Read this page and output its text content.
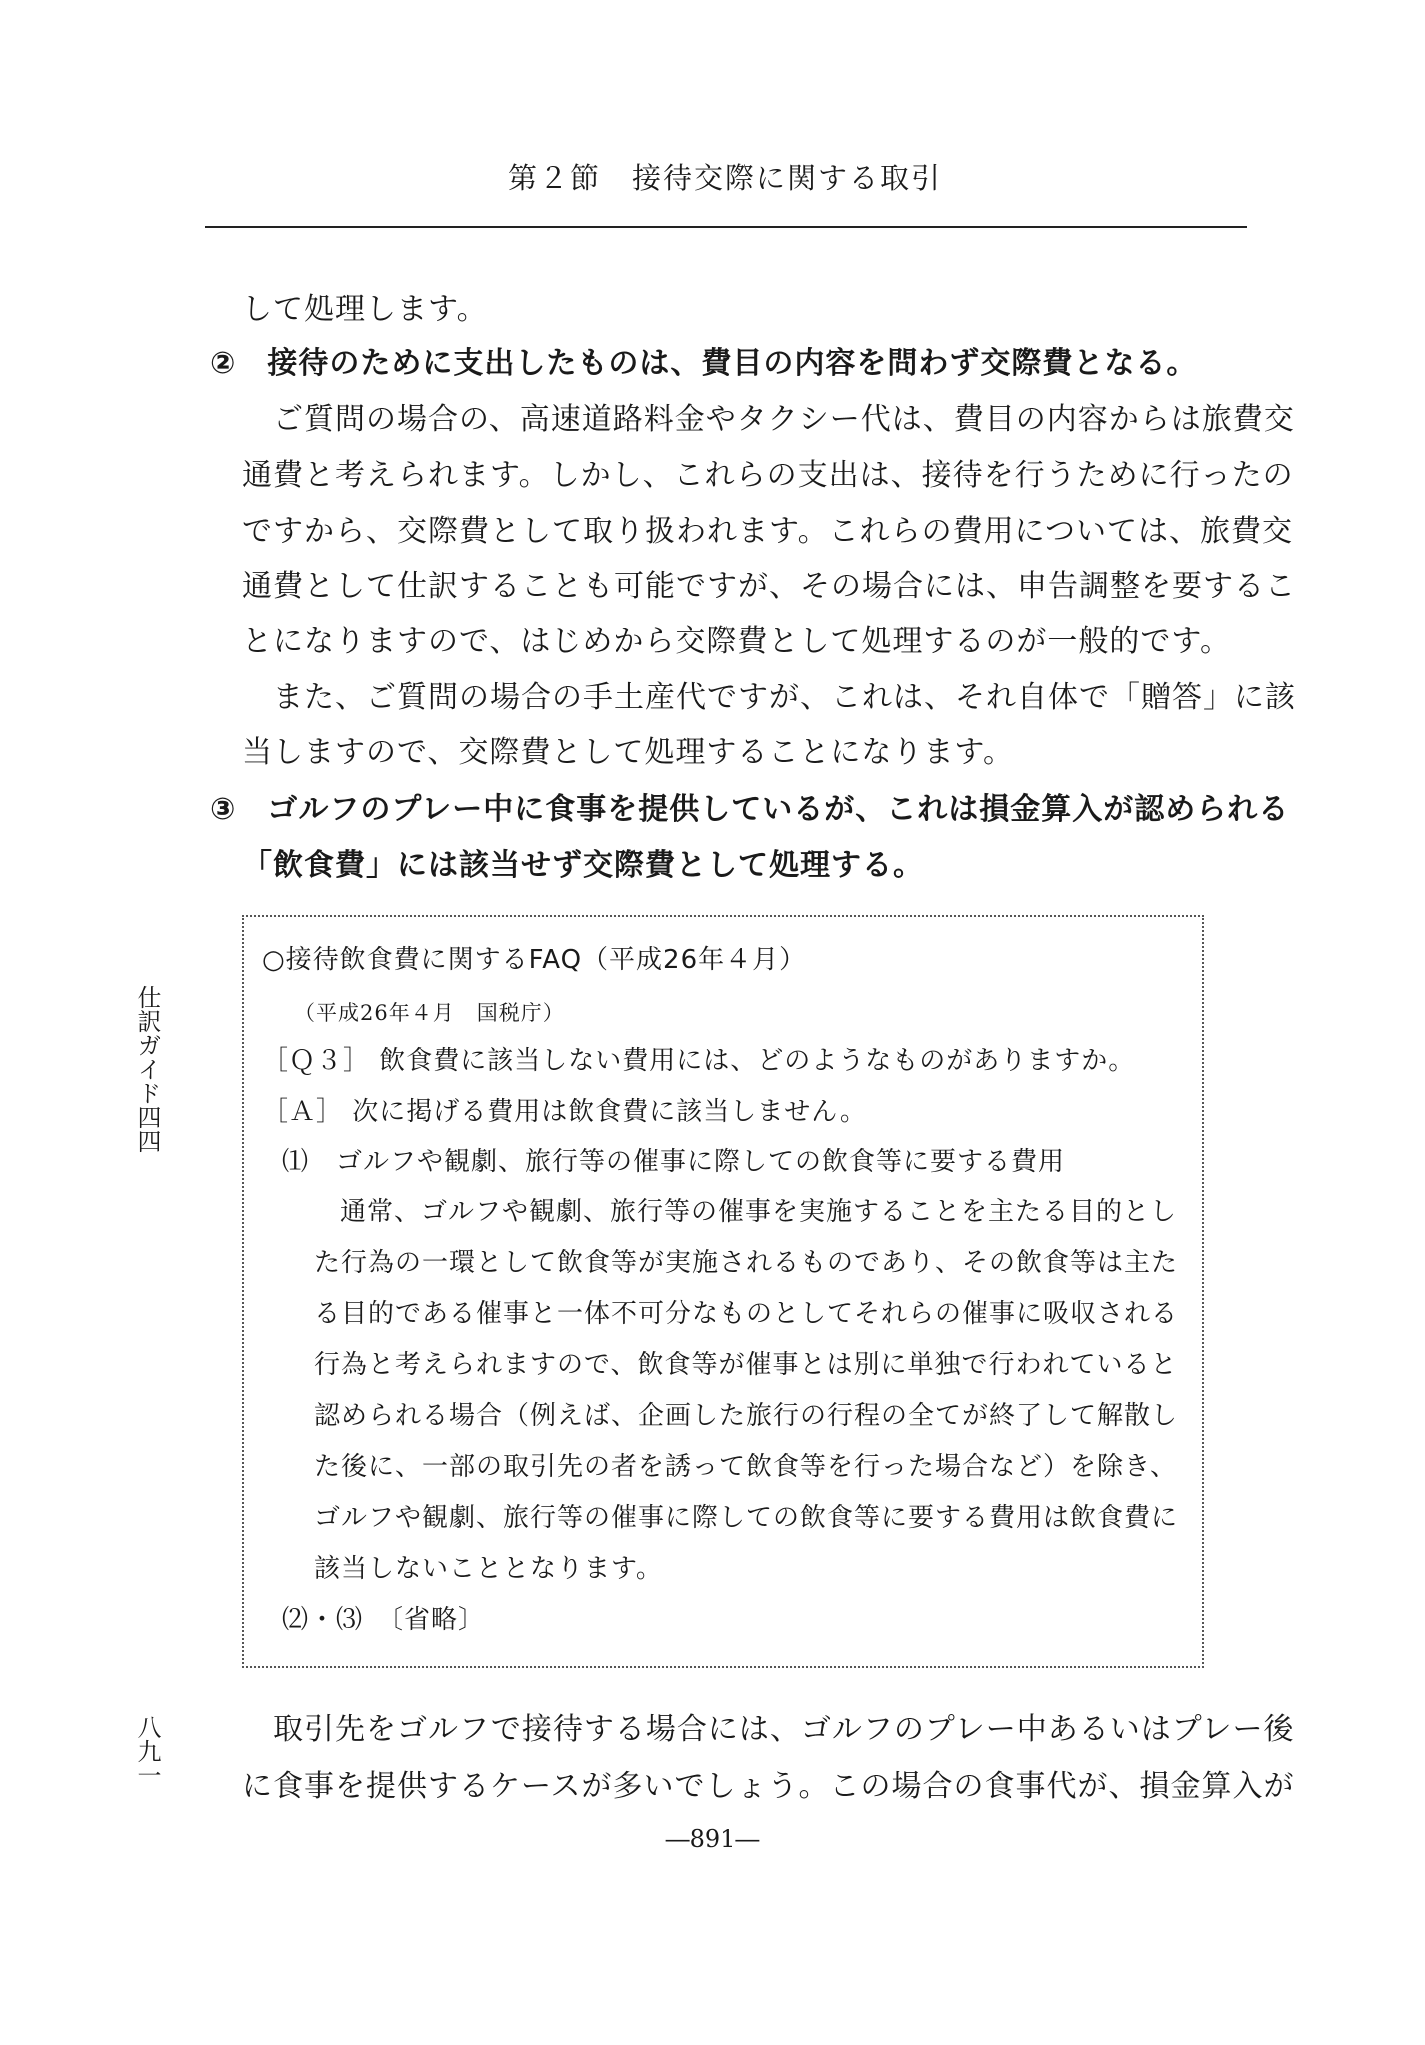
第２節　接待交際に関する取引
して処理します。
②　接待のために支出したものは、費目の内容を問わず交際費となる。
ご質問の場合の、高速道路料金やタクシー代は、費目の内容からは旅費交
通費と考えられます。しかし、これらの支出は、接待を行うために行ったの
ですから、交際費として取り扱われます。これらの費用については、旅費交
通費として仕訳することも可能ですが、その場合には、申告調整を要するこ
とになりますので、はじめから交際費として処理するのが一般的です。
また、ご質問の場合の手土産代ですが、これは、それ自体で「贈答」に該
当しますので、交際費として処理することになります。
③　ゴルフのプレー中に食事を提供しているが、これは損金算入が認められる
「飲食費」には該当せず交際費として処理する。
○接待飲食費に関するFAQ（平成26年４月）
（平成26年４月　国税庁）
［Ｑ３］ 飲食費に該当しない費用には、どのようなものがありますか。
［Ａ］ 次に掲げる費用は飲食費に該当しません。
⑴　ゴルフや観劇、旅行等の催事に際しての飲食等に要する費用
通常、ゴルフや観劇、旅行等の催事を実施することを主たる目的とし
た行為の一環として飲食等が実施されるものであり、その飲食等は主た
る目的である催事と一体不可分なものとしてそれらの催事に吸収される
行為と考えられますので、飲食等が催事とは別に単独で行われていると
認められる場合（例えば、企画した旅行の行程の全てが終了して解散し
た後に、一部の取引先の者を誘って飲食等を行った場合など）を除き、
ゴルフや観劇、旅行等の催事に際しての飲食等に要する費用は飲食費に
該当しないこととなります。
⑵・⑶　〔省略〕
取引先をゴルフで接待する場合には、ゴルフのプレー中あるいはプレー後
に食事を提供するケースが多いでしょう。この場合の食事代が、損金算入が
仕訳ガイド四四
八九一
―891―
